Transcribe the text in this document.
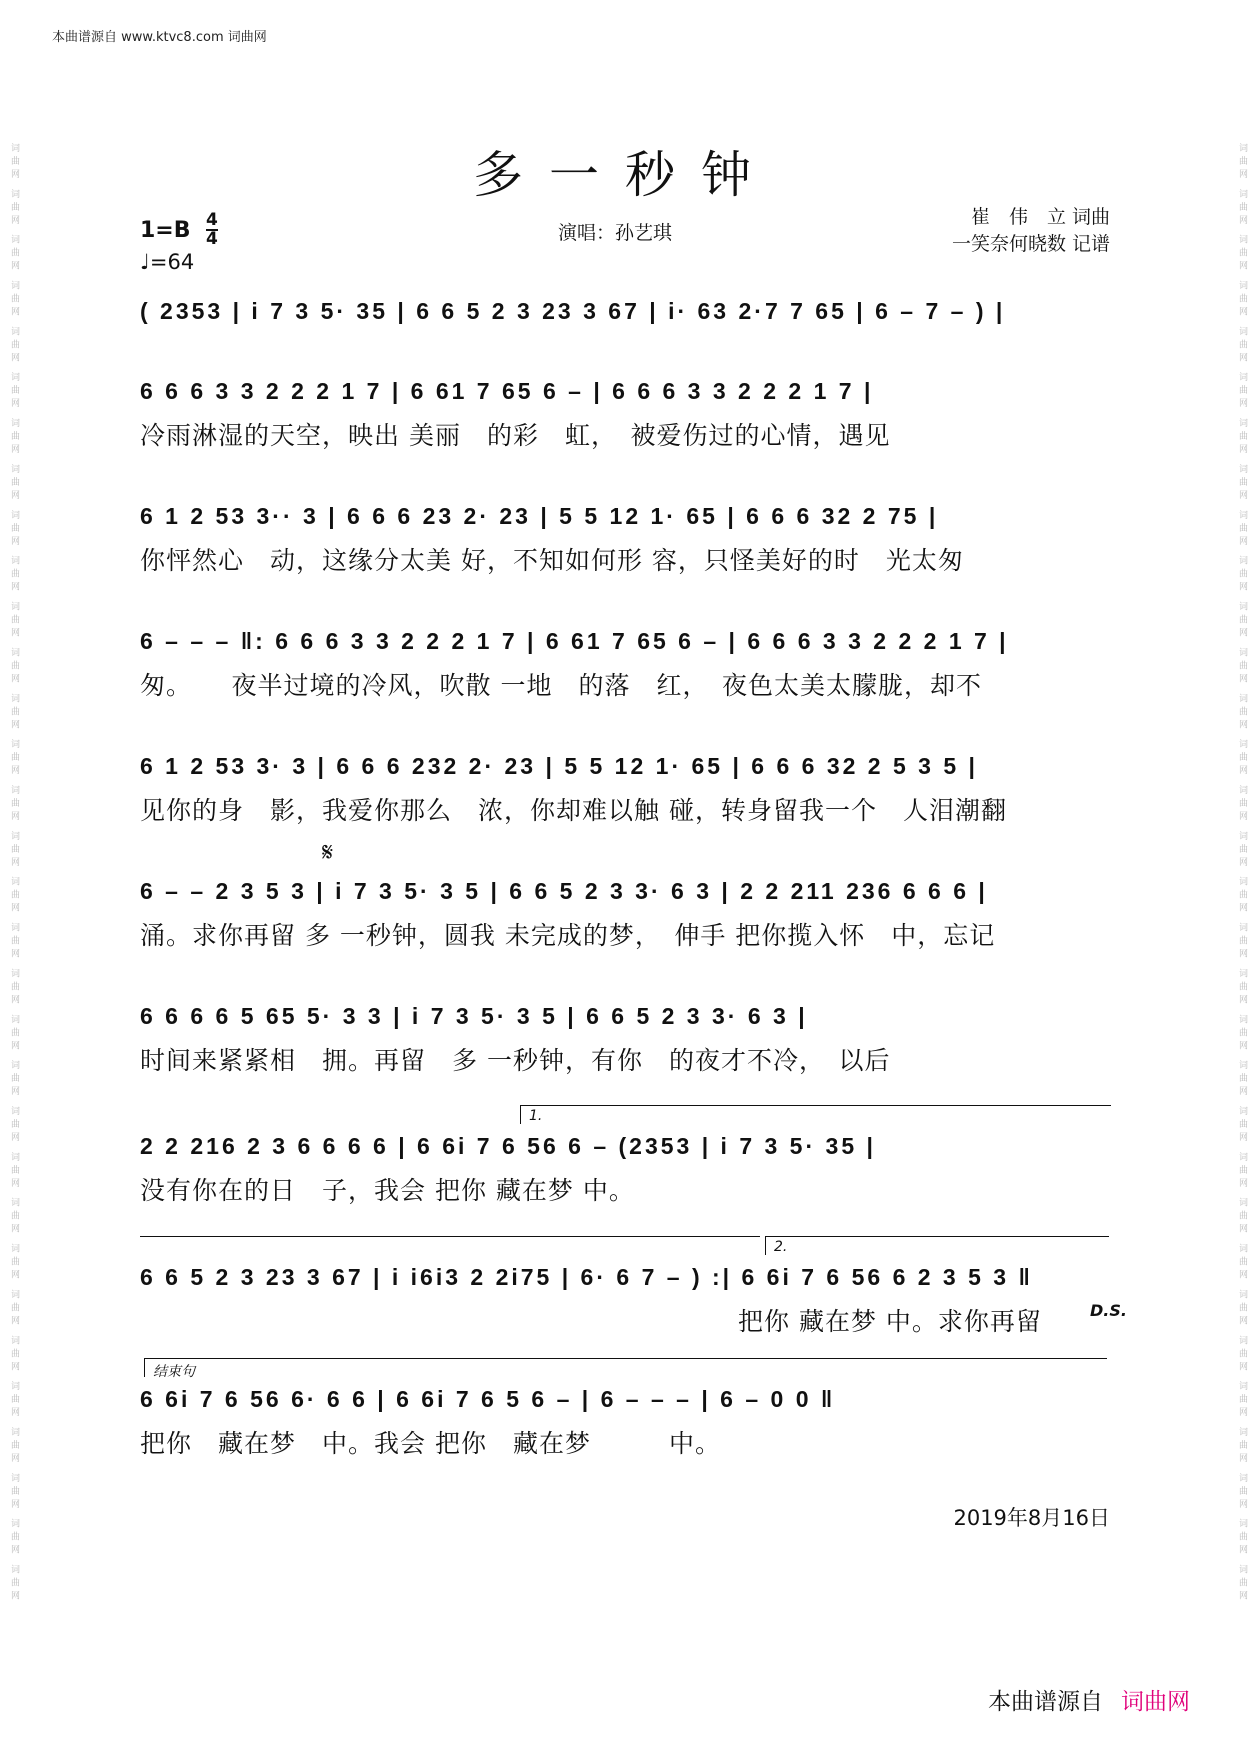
词曲网 词曲网 词曲网 词曲网 词曲网 词曲网 词曲网 词曲网 词曲网 词曲网 词曲网 词曲网 词曲网 词曲网 词曲网 词曲网 词曲网 词曲网 词曲网 词曲网 词曲网 词曲网 词曲网 词曲网 词曲网 词曲网 词曲网 词曲网 词曲网 词曲网 词曲网 词曲网	词曲网 词曲网 词曲网 词曲网 词曲网 词曲网 词曲网 词曲网 词曲网 词曲网 词曲网 词曲网 词曲网 词曲网 词曲网 词曲网 词曲网 词曲网 词曲网 词曲网 词曲网 词曲网 词曲网 词曲网 词曲网 词曲网 词曲网 词曲网 词曲网 词曲网 词曲网 词曲网
本曲谱源自 www.ktvc8.com 词曲网
多一秒钟
1=B 4
4
♩=64
演唱：孙艺琪
崔　伟　立 词曲
一笑奈何晓数 记谱
( 2353 | i 7 3 5· 35 | 6 6 5 2 3 23 3 67 | i· 63 2·7 7 65 | 6 – 7 – ) |
6 6 6 3 3 2 2 2 1 7 | 6 61 7 65 6 – | 6 6 6 3 3 2 2 2 1 7 |
冷雨淋湿的天空，映出 美丽　的彩　虹，　被爱伤过的心情，遇见
6 1 2 53 3·· 3 | 6 6 6 23 2· 23 | 5 5 12 1· 65 | 6 6 6 32 2 75 |
你怦然心　动，这缘分太美 好，不知如何形 容，只怪美好的时　光太匆
6 – – – ‖: 6 6 6 3 3 2 2 2 1 7 | 6 61 7 65 6 – | 6 6 6 3 3 2 2 2 1 7 |
匆。　　夜半过境的冷风，吹散 一地　的落　红，　夜色太美太朦胧，却不
6 1 2 53 3· 3 | 6 6 6 232 2· 23 | 5 5 12 1· 65 | 6 6 6 32 2 5 3 5 |
见你的身　影，我爱你那么　浓，你却难以触 碰，转身留我一个　人泪潮翻
𝄋
6 – – 2 3 5 3 | i 7 3 5· 3 5 | 6 6 5 2 3 3· 6 3 | 2 2 211 236 6 6 6 |
涌。求你再留 多 一秒钟，圆我 未完成的梦，　伸手 把你揽入怀　中，忘记
6 6 6 6 5 65 5· 3 3 | i 7 3 5· 3 5 | 6 6 5 2 3 3· 6 3 |
时间来紧紧相　拥。再留　多 一秒钟，有你　的夜才不冷，　以后
1.
2 2 216 2 3 6 6 6 6 | 6 6i 7 6 56 6 – (2353 | i 7 3 5· 35 |
没有你在的日　子，我会 把你 藏在梦 中。
2.
6 6 5 2 3 23 3 67 | i i6i3 2 2i75 | 6· 6 7 – ) :| 6 6i 7 6 56 6 2 3 5 3 ‖
　　　　　　　　　　　　　　　　　　　　　　　把你 藏在梦 中。求你再留	D.S.
结束句
6 6i 7 6 56 6· 6 6 | 6 6i 7 6 5 6 – | 6 – – – | 6 – 0 0 ‖
把你　藏在梦　中。我会 把你　藏在梦　　　中。
2019年8月16日
本曲谱源自 词曲网
